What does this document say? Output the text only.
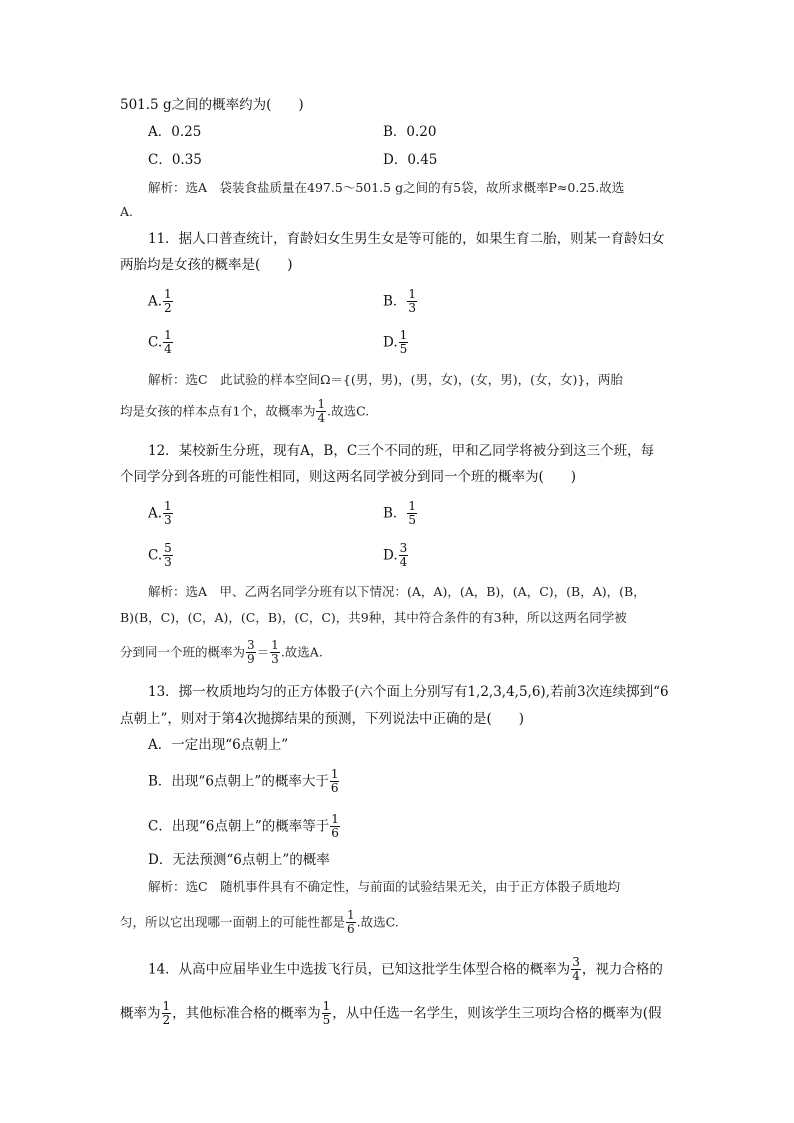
501.5 g之间的概率约为(　　)
A．0.25	B．0.20
C．0.35	D．0.45
解析：选A　袋装食盐质量在497.5～501.5 g之间的有5袋，故所求概率P≈0.25.故选
A.
11．据人口普查统计，育龄妇女生男生女是等可能的，如果生育二胎，则某一育龄妇女
两胎均是女孩的概率是(　　)
A. $\frac{1}{2}$	B． $\frac{1}{3}$
C. $\frac{1}{4}$	D. $\frac{1}{5}$
解析：选C　此试验的样本空间Ω＝{(男，男)，(男，女)，(女，男)，(女，女)}，两胎
均是女孩的样本点有1个，故概率为 $\frac{1}{4}$ .故选C.
12．某校新生分班，现有A，B，C三个不同的班，甲和乙同学将被分到这三个班，每
个同学分到各班的可能性相同，则这两名同学被分到同一个班的概率为(　　)
A. $\frac{1}{3}$	B． $\frac{1}{5}$
C. $\frac{5}{3}$	D. $\frac{3}{4}$
解析：选A　甲、乙两名同学分班有以下情况：(A，A)，(A，B)，(A，C)，(B，A)，(B，
B)(B，C)，(C，A)，(C，B)，(C，C)，共9种，其中符合条件的有3种，所以这两名同学被
分到同一个班的概率为 $\frac{3}{9} = \frac{1}{3}$ .故选A.
13．掷一枚质地均匀的正方体骰子(六个面上分别写有1,2,3,4,5,6),若前3次连续掷到“6
点朝上”，则对于第4次抛掷结果的预测，下列说法中正确的是(　　)
A．一定出现“6点朝上”
B．出现“6点朝上”的概率大于 $\frac{1}{6}$
C．出现“6点朝上”的概率等于 $\frac{1}{6}$
D．无法预测“6点朝上”的概率
解析：选C　随机事件具有不确定性，与前面的试验结果无关，由于正方体骰子质地均
匀，所以它出现哪一面朝上的可能性都是 $\frac{1}{6}$ .故选C.
14．从高中应届毕业生中选拔飞行员，已知这批学生体型合格的概率为 $\frac{3}{4}$ ，视力合格的
概率为 $\frac{1}{2}$ ，其他标准合格的概率为 $\frac{1}{5}$ ，从中任选一名学生，则该学生三项均合格的概率为(假
